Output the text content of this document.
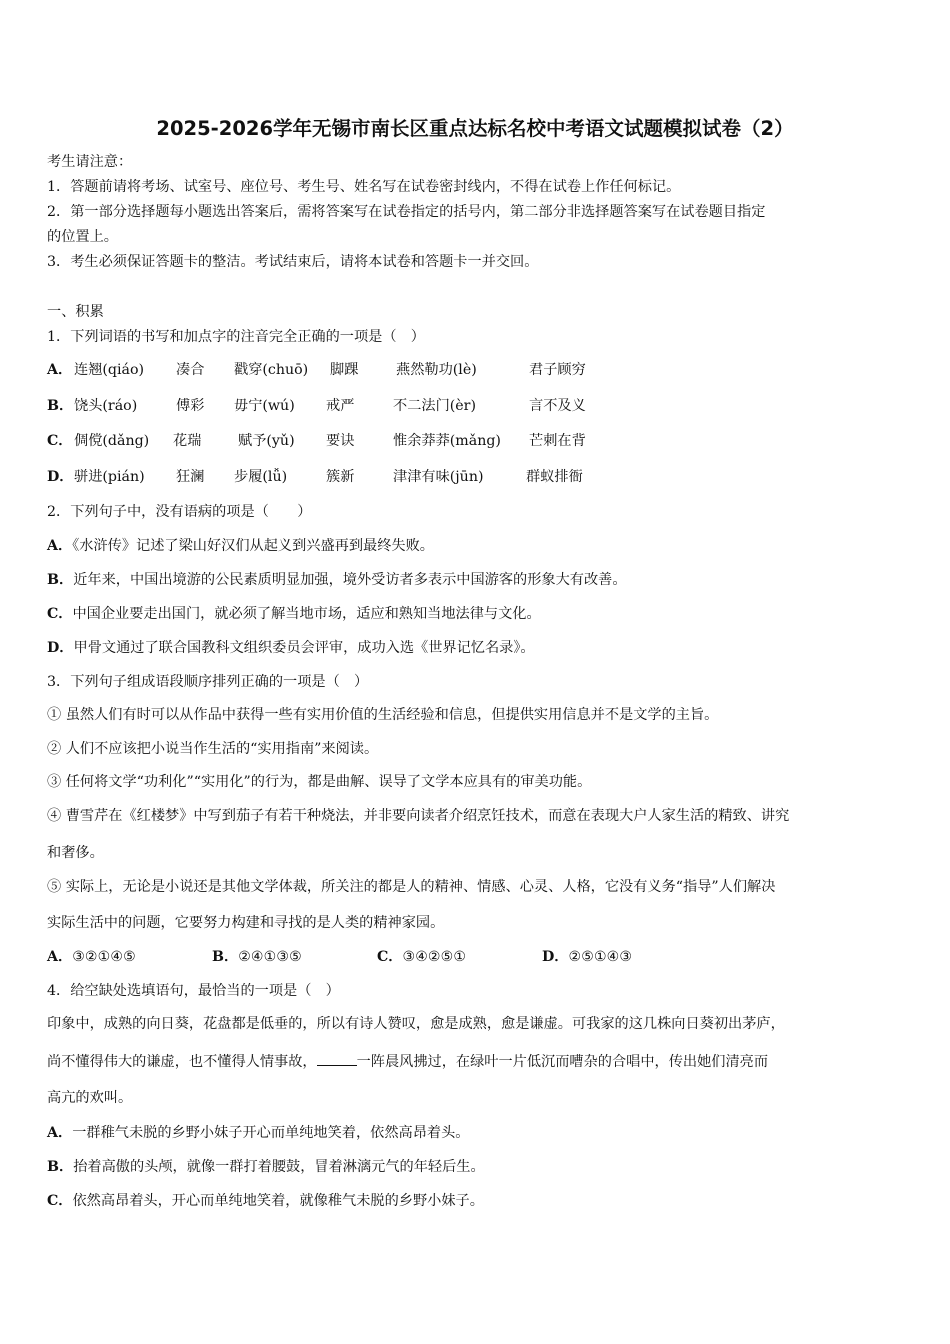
2025-2026学年无锡市南长区重点达标名校中考语文试题模拟试卷（2）
考生请注意：
1．答题前请将考场、试室号、座位号、考生号、姓名写在试卷密封线内，不得在试卷上作任何标记。
2．第一部分选择题每小题选出答案后，需将答案写在试卷指定的括号内，第二部分非选择题答案写在试卷题目指定
的位置上。
3．考生必须保证答题卡的整洁。考试结束后，请将本试卷和答题卡一并交回。
一、积累
1．下列词语的书写和加点字的注音完全正确的一项是（　）
A． 连翘(qiáo) 凑合 戳穿(chuō) 脚踝	燕然勒功(lè)	君子顾穷
B． 饶头(ráo)	傅彩 毋宁(wú) 戒严	不二法门(èr)	言不及义
C． 倜傥(dǎng) 花瑞	赋予(yǔ) 要诀	惟余莽莽(mǎng) 芒刺在背
D． 骈进(pián) 狂澜 步履(lǚ)	簇新	津津有味(jūn)	群蚁排衙
2．下列句子中，没有语病的项是（　　）
A．《水浒传》记述了梁山好汉们从起义到兴盛再到最终失败。
B．近年来，中国出境游的公民素质明显加强，境外受访者多表示中国游客的形象大有改善。
C．中国企业要走出国门，就必须了解当地市场，适应和熟知当地法律与文化。
D．甲骨文通过了联合国教科文组织委员会评审，成功入选《世界记忆名录》。
3．下列句子组成语段顺序排列正确的一项是（　）
① 虽然人们有时可以从作品中获得一些有实用价值的生活经验和信息，但提供实用信息并不是文学的主旨。
② 人们不应该把小说当作生活的“实用指南”来阅读。
③ 任何将文学“功利化”“实用化”的行为，都是曲解、误导了文学本应具有的审美功能。
④ 曹雪芹在《红楼梦》中写到茄子有若干种烧法，并非要向读者介绍烹饪技术，而意在表现大户人家生活的精致、讲究
和奢侈。
⑤ 实际上，无论是小说还是其他文学体裁，所关注的都是人的精神、情感、心灵、人格，它没有义务“指导”人们解决
实际生活中的问题，它要努力构建和寻找的是人类的精神家园。
A．③②①④⑤	B．②④①③⑤	C．③④②⑤①	D．②⑤①④③
4．给空缺处选填语句，最恰当的一项是（　）
印象中，成熟的向日葵，花盘都是低垂的，所以有诗人赞叹，愈是成熟，愈是谦虚。可我家的这几株向日葵初出茅庐，
尚不懂得伟大的谦虚，也不懂得人情事故，	一阵晨风拂过，在绿叶一片低沉而嘈杂的合唱中，传出她们清亮而
高亢的欢叫。
A．一群稚气未脱的乡野小妹子开心而单纯地笑着，依然高昂着头。
B．抬着高傲的头颅，就像一群打着腰鼓，冒着淋漓元气的年轻后生。
C．依然高昂着头，开心而单纯地笑着，就像稚气未脱的乡野小妹子。
